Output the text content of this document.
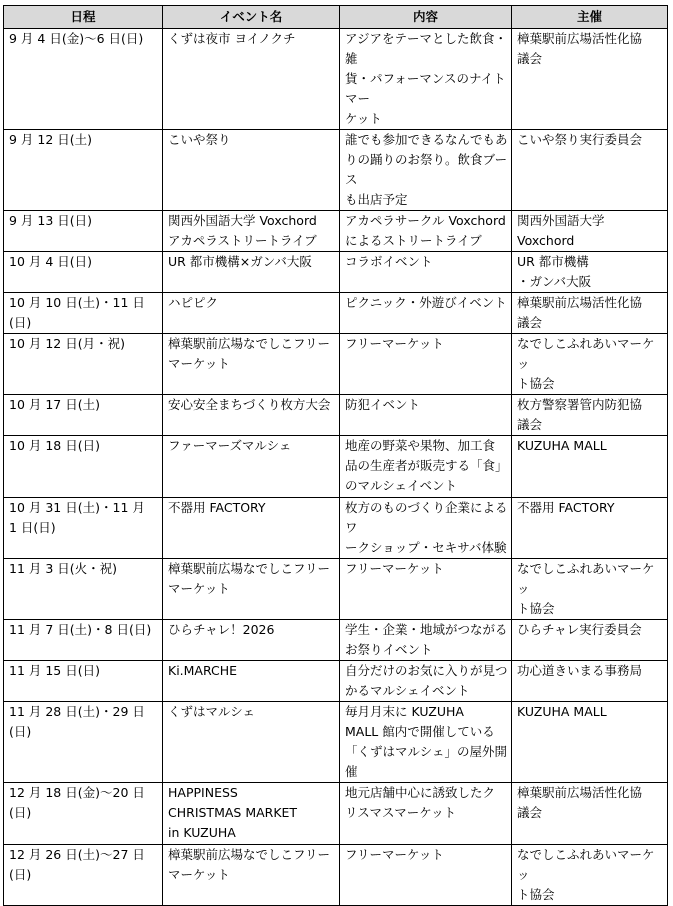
日程	イベント名	内容	主催
9 月 4 日(金)～6 日(日)	くずは夜市 ヨイノクチ	アジアをテーマとした飲食・雑
貨・パフォーマンスのナイトマー
ケット	樟葉駅前広場活性化協
議会
9 月 12 日(土)	こいや祭り	誰でも参加できるなんでもあ
りの踊りのお祭り。飲食ブース
も出店予定	こいや祭り実行委員会
9 月 13 日(日)	関西外国語大学 Voxchord
アカペラストリートライブ	アカペラサークル Voxchord
によるストリートライブ	関西外国語大学
Voxchord
10 月 4 日(日)	UR 都市機構×ガンバ大阪	コラボイベント	UR 都市機構
・ガンバ大阪
10 月 10 日(土)・11 日
(日)	ハピピク	ピクニック・外遊びイベント	樟葉駅前広場活性化協
議会
10 月 12 日(月・祝)	樟葉駅前広場なでしこフリー
マーケット	フリーマーケット	なでしこふれあいマーケッ
ト協会
10 月 17 日(土)	安心安全まちづくり枚方大会	防犯イベント	枚方警察署管内防犯協
議会
10 月 18 日(日)	ファーマーズマルシェ	地産の野菜や果物、加工食
品の生産者が販売する「食」
のマルシェイベント	KUZUHA MALL
10 月 31 日(土)・11 月
1 日(日)	不器用 FACTORY	枚方のものづくり企業によるワ
ークショップ・セキサバ体験	不器用 FACTORY
11 月 3 日(火・祝)	樟葉駅前広場なでしこフリー
マーケット	フリーマーケット	なでしこふれあいマーケッ
ト協会
11 月 7 日(土)・8 日(日)	ひらチャレ！2026	学生・企業・地域がつながる
お祭りイベント	ひらチャレ実行委員会
11 月 15 日(日)	Ki.MARCHE	自分だけのお気に入りが見つ
かるマルシェイベント	功心道きいまる事務局
11 月 28 日(土)・29 日
(日)	くずはマルシェ	毎月月末に KUZUHA
MALL 館内で開催している
「くずはマルシェ」の屋外開催	KUZUHA MALL
12 月 18 日(金)～20 日
(日)	HAPPINESS
CHRISTMAS MARKET
in KUZUHA	地元店舗中心に誘致したク
リスマスマーケット	樟葉駅前広場活性化協
議会
12 月 26 日(土)～27 日
(日)	樟葉駅前広場なでしこフリー
マーケット	フリーマーケット	なでしこふれあいマーケッ
ト協会
